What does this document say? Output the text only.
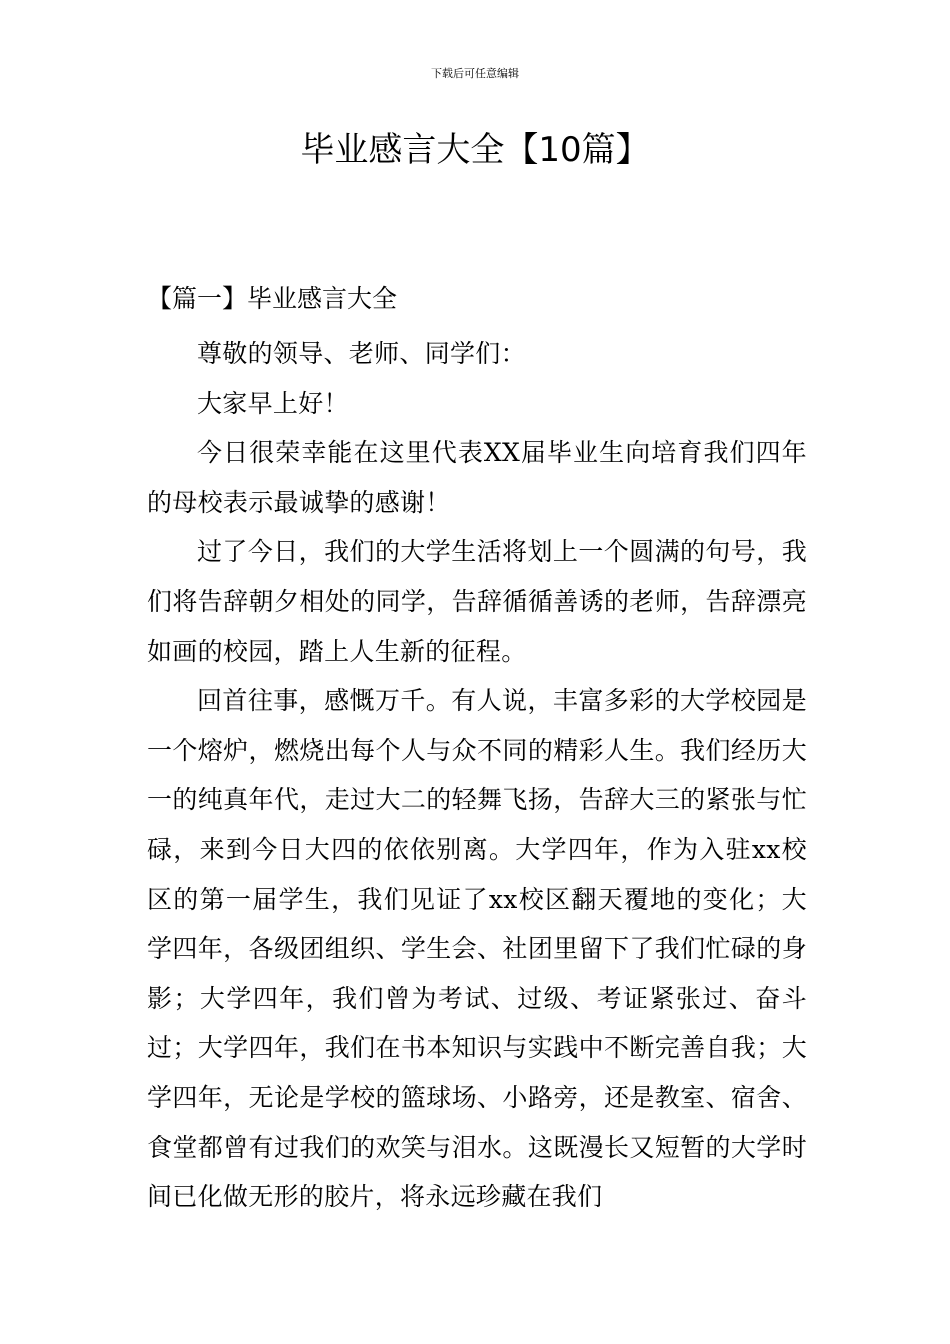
下载后可任意编辑
毕业感言大全【10篇】
【篇一】毕业感言大全

尊敬的领导、老师、同学们：

大家早上好！

今日很荣幸能在这里代表XX届毕业生向培育我们四年的母校表示最诚挚的感谢！

过了今日，我们的大学生活将划上一个圆满的句号，我们将告辞朝夕相处的同学，告辞循循善诱的老师，告辞漂亮如画的校园，踏上人生新的征程。

回首往事，感慨万千。有人说，丰富多彩的大学校园是一个熔炉，燃烧出每个人与众不同的精彩人生。我们经历大一的纯真年代，走过大二的轻舞飞扬，告辞大三的紧张与忙碌，来到今日大四的依依别离。大学四年，作为入驻xx校区的第一届学生，我们见证了xx校区翻天覆地的变化；大学四年，各级团组织、学生会、社团里留下了我们忙碌的身影；大学四年，我们曾为考试、过级、考证紧张过、奋斗过；大学四年，我们在书本知识与实践中不断完善自我；大学四年，无论是学校的篮球场、小路旁，还是教室、宿舍、食堂都曾有过我们的欢笑与泪水。这既漫长又短暂的大学时间已化做无形的胶片，将永远珍藏在我们
